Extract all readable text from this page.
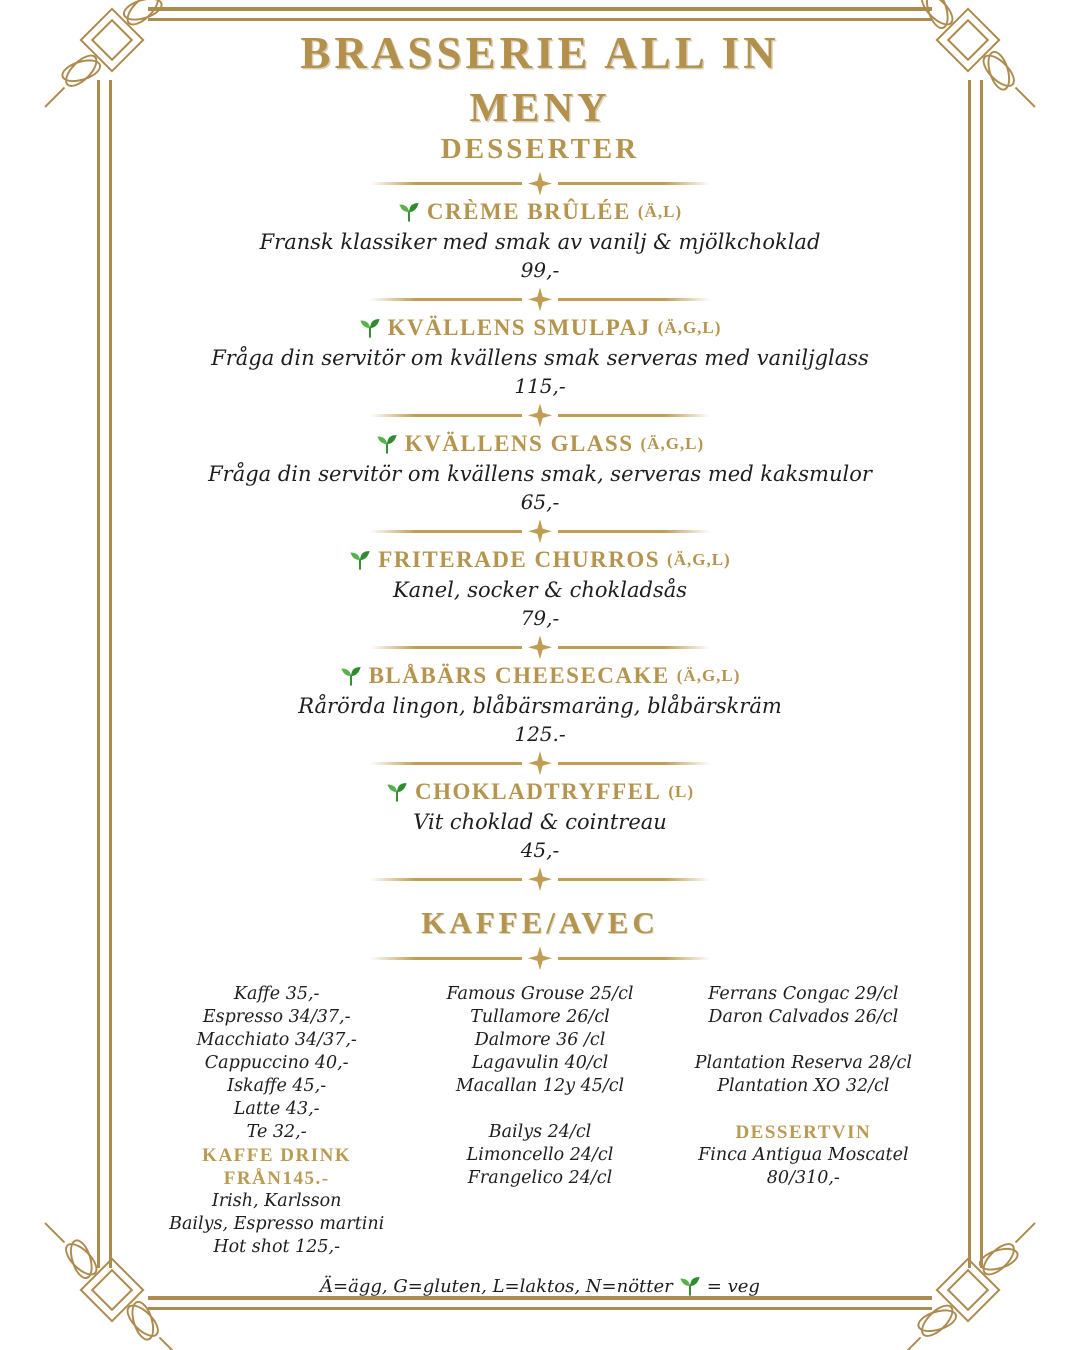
BRASSERIE ALL IN
MENY
DESSERTER
CRÈME BRÛLÉE (Ä,L)
Fransk klassiker med smak av vanilj & mjölkchoklad
99,-
KVÄLLENS SMULPAJ (Ä,G,L)
Fråga din servitör om kvällens smak serveras med vaniljglass
115,-
KVÄLLENS GLASS (Ä,G,L)
Fråga din servitör om kvällens smak, serveras med kaksmulor
65,-
FRITERADE CHURROS (Ä,G,L)
Kanel, socker & chokladsås
79,-
BLÅBÄRS CHEESECAKE (Ä,G,L)
Rårörda lingon, blåbärsmaräng, blåbärskräm
125.-
CHOKLADTRYFFEL (L)
Vit choklad & cointreau
45,-
KAFFE/AVEC
Kaffe 35,-
Espresso 34/37,-
Macchiato 34/37,-
Cappuccino 40,-
Iskaffe 45,-
Latte 43,-
Te 32,-
KAFFE DRINK
FRÅN145.-
Irish, Karlsson
Bailys, Espresso martini
Hot shot 125,-
Famous Grouse 25/cl
Tullamore 26/cl
Dalmore 36 /cl
Lagavulin 40/cl
Macallan 12y 45/cl
Bailys 24/cl
Limoncello 24/cl
Frangelico 24/cl
Ferrans Congac 29/cl
Daron Calvados 26/cl
Plantation Reserva 28/cl
Plantation XO 32/cl
DESSERTVIN
Finca Antigua Moscatel
80/310,-
Ä=ägg, G=gluten, L=laktos, N=nötter = veg
